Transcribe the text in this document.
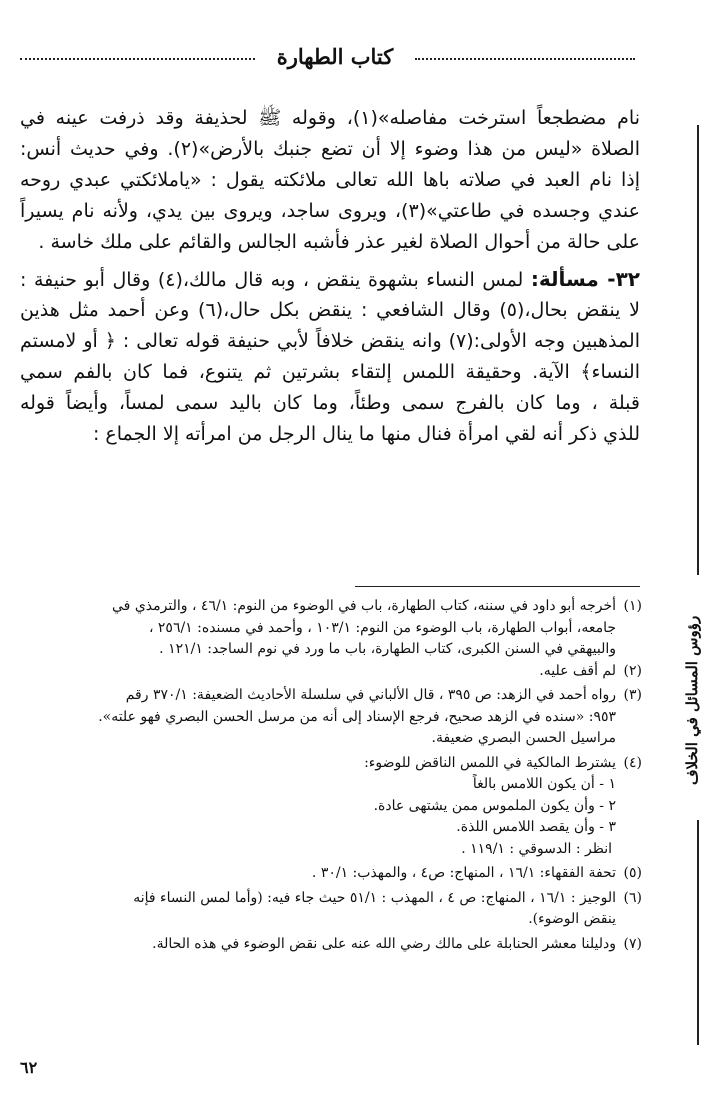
كتاب الطهارة
رؤوس المسائل في الخلاف
نام مضطجعاً استرخت مفاصله»(١)، وقوله ﷺ لحذيفة وقد ذرفت عينه في
الصلاة «ليس من هذا وضوء إلا أن تضع جنبك بالأرض»(٢). وفي حديث أنس:
إذا نام العبد في صلاته باها الله تعالى ملائكته يقول : «ياملائكتي عبدي روحه
عندي وجسده في طاعتي»(٣)، ويروى ساجد، ويروى بين يدي، ولأنه نام يسيراً
على حالة من أحوال الصلاة لغير عذر فأشبه الجالس والقائم على ملك خاسة .
٣٢- مسألة: لمس النساء بشهوة ينقض ، وبه قال مالك،(٤) وقال أبو حنيفة :
لا ينقض بحال،(٥) وقال الشافعي : ينقض بكل حال،(٦) وعن أحمد مثل هذين
المذهبين وجه الأولى:(٧) وانه ينقض خلافاً لأبي حنيفة قوله تعالى : ﴿ أو لامستم
النساء﴾ الآية. وحقيقة اللمس إلتقاء بشرتين ثم يتنوع، فما كان بالفم سمي
قبلة ، وما كان بالفرج سمى وطئاً، وما كان باليد سمى لمساً، وأيضاً قوله
للذي ذكر أنه لقي امرأة فنال منها ما ينال الرجل من امرأته إلا الجماع :
(١)أخرجه أبو داود في سننه، كتاب الطهارة، باب في الوضوء من النوم: ٤٦/١ ، والترمذي في
جامعه، أبواب الطهارة، باب الوضوء من النوم: ١٠٣/١ ، وأحمد في مسنده: ٢٥٦/١ ،
والبيهقي في السنن الكبرى، كتاب الطهارة، باب ما ورد في نوم الساجد: ١٢١/١ .
(٢)لم أقف عليه.
(٣)رواه أحمد في الزهد: ص ٣٩٥ ، قال الألباني في سلسلة الأحاديث الضعيفة: ٣٧٠/١ رقم
٩٥٣: «سنده في الزهد صحيح، فرجع الإسناد إلى أنه من مرسل الحسن البصري فهو علته».
مراسيل الحسن البصري ضعيفة.
(٤)يشترط المالكية في اللمس الناقض للوضوء:
١ - أن يكون اللامس بالغاً
٢ - وأن يكون الملموس ممن يشتهى عادة.
٣ - وأن يقصد اللامس اللذة.
انظر : الدسوقي : ١١٩/١ .
(٥)تحفة الفقهاء: ١٦/١ ، المنهاج: ص٤ ، والمهذب: ٣٠/١ .
(٦)الوجيز : ١٦/١ ، المنهاج: ص ٤ ، المهذب : ٥١/١ حيث جاء فيه: (وأما لمس النساء فإنه
ينقض الوضوء).
(٧)ودليلنا معشر الحنابلة على مالك رضي الله عنه على نقض الوضوء في هذه الحالة.
٦٢
